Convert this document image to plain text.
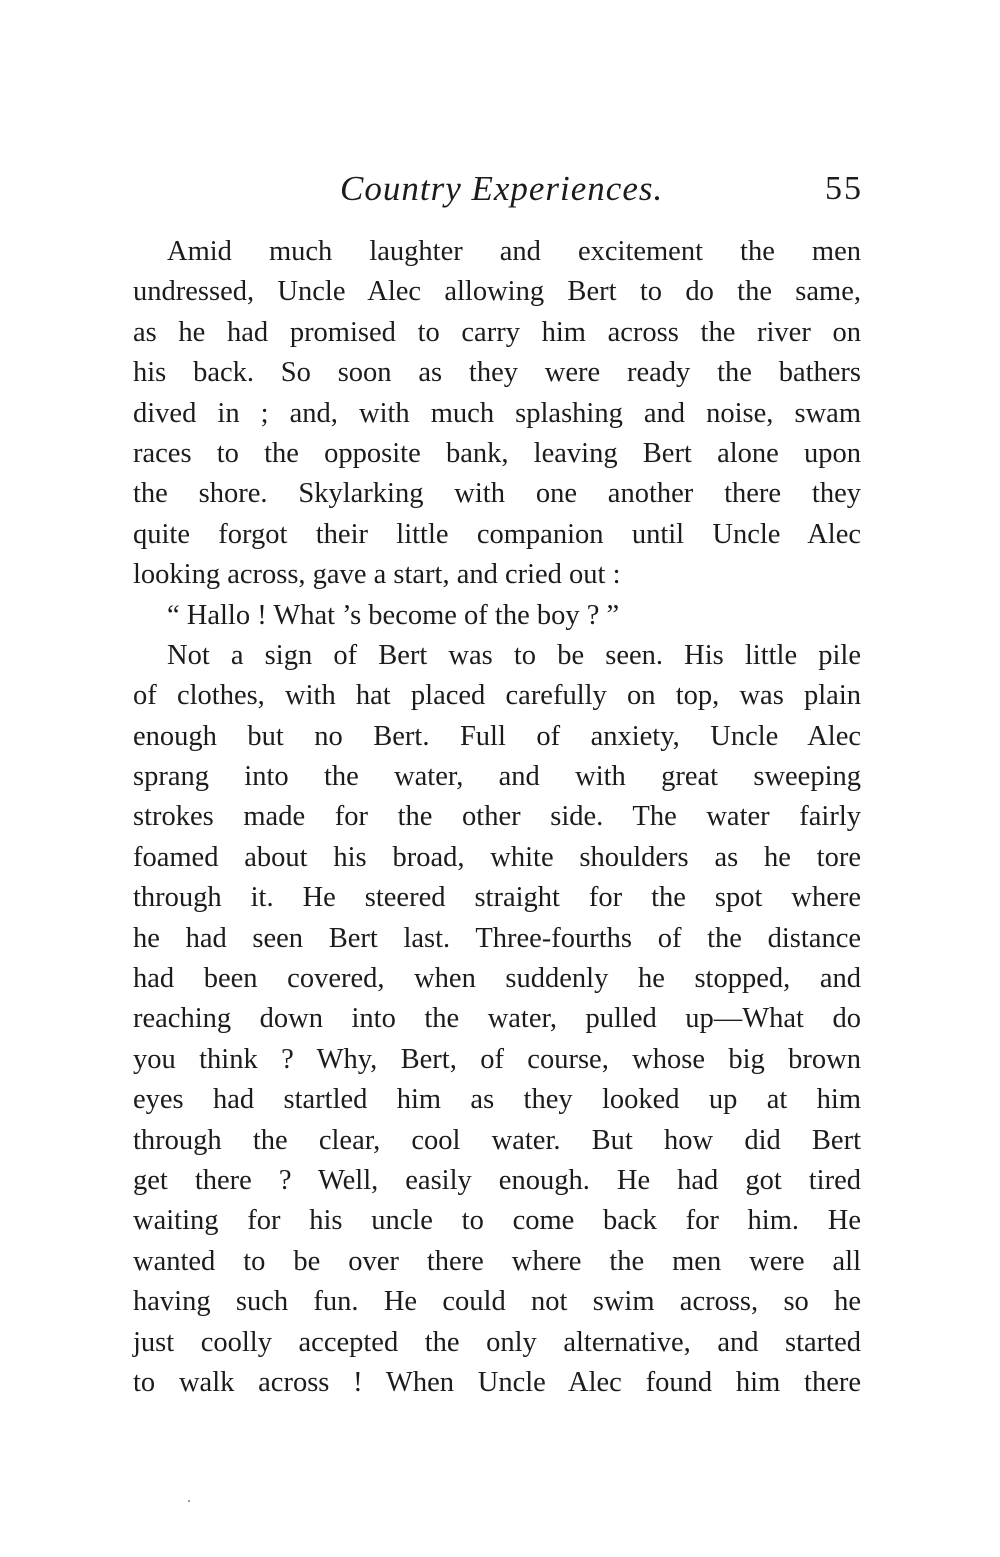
Country Experiences.	55
Amid much laughter and excitement the men
undressed, Uncle Alec allowing Bert to do the same,
as he had promised to carry him across the river on
his back. So soon as they were ready the bathers
dived in ; and, with much splashing and noise, swam
races to the opposite bank, leaving Bert alone upon
the shore. Skylarking with one another there they
quite forgot their little companion until Uncle Alec
looking across, gave a start, and cried out :
“ Hallo ! What ’s become of the boy ? ”
Not a sign of Bert was to be seen. His little pile
of clothes, with hat placed carefully on top, was plain
enough but no Bert. Full of anxiety, Uncle Alec
sprang into the water, and with great sweeping
strokes made for the other side. The water fairly
foamed about his broad, white shoulders as he tore
through it. He steered straight for the spot where
he had seen Bert last. Three-fourths of the distance
had been covered, when suddenly he stopped, and
reaching down into the water, pulled up—What do
you think ? Why, Bert, of course, whose big brown
eyes had startled him as they looked up at him
through the clear, cool water. But how did Bert
get there ? Well, easily enough. He had got tired
waiting for his uncle to come back for him. He
wanted to be over there where the men were all
having such fun. He could not swim across, so he
just coolly accepted the only alternative, and started
to walk across ! When Uncle Alec found him there
